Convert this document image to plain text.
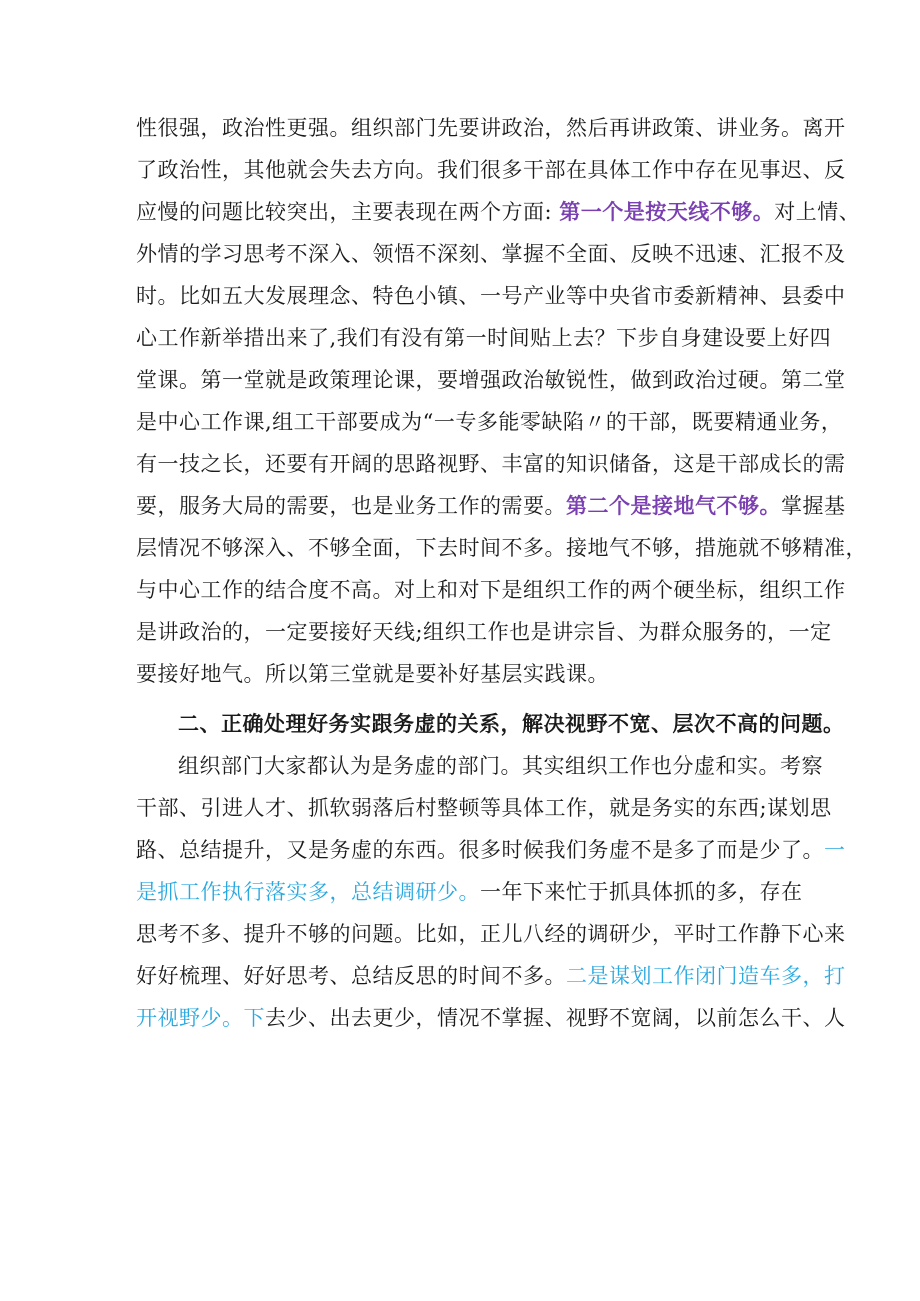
性很强，政治性更强。组织部门先要讲政治，然后再讲政策、讲业务。离开
了政治性，其他就会失去方向。我们很多干部在具体工作中存在见事迟、反
应慢的问题比较突出，主要表现在两个方面: 第一个是按天线不够。对上情、
外情的学习思考不深入、领悟不深刻、掌握不全面、反映不迅速、汇报不及
时。比如五大发展理念、特色小镇、一号产业等中央省市委新精神、县委中
心工作新举措出来了,我们有没有第一时间贴上去？下步自身建设要上好四
堂课。第一堂就是政策理论课，要增强政治敏锐性，做到政治过硬。第二堂
是中心工作课,组工干部要成为“一专多能零缺陷〃的干部，既要精通业务，
有一技之长，还要有开阔的思路视野、丰富的知识储备，这是干部成长的需
要，服务大局的需要，也是业务工作的需要。第二个是接地气不够。掌握基
层情况不够深入、不够全面，下去时间不多。接地气不够，措施就不够精准，
与中心工作的结合度不高。对上和对下是组织工作的两个硬坐标，组织工作
是讲政治的，一定要接好天线;组织工作也是讲宗旨、为群众服务的，一定
要接好地气。所以第三堂就是要补好基层实践课。
二、正确处理好务实跟务虚的关系，解决视野不宽、层次不高的问题。
组织部门大家都认为是务虚的部门。其实组织工作也分虚和实。考察
干部、引进人才、抓软弱落后村整顿等具体工作，就是务实的东西;谋划思
路、总结提升，又是务虚的东西。很多时候我们务虚不是多了而是少了。一
是抓工作执行落实多，总结调研少。一年下来忙于抓具体抓的多，存在
思考不多、提升不够的问题。比如，正儿八经的调研少，平时工作静下心来
好好梳理、好好思考、总结反思的时间不多。二是谋划工作闭门造车多，打
开视野少。下去少、出去更少，情况不掌握、视野不宽阔，以前怎么干、人
